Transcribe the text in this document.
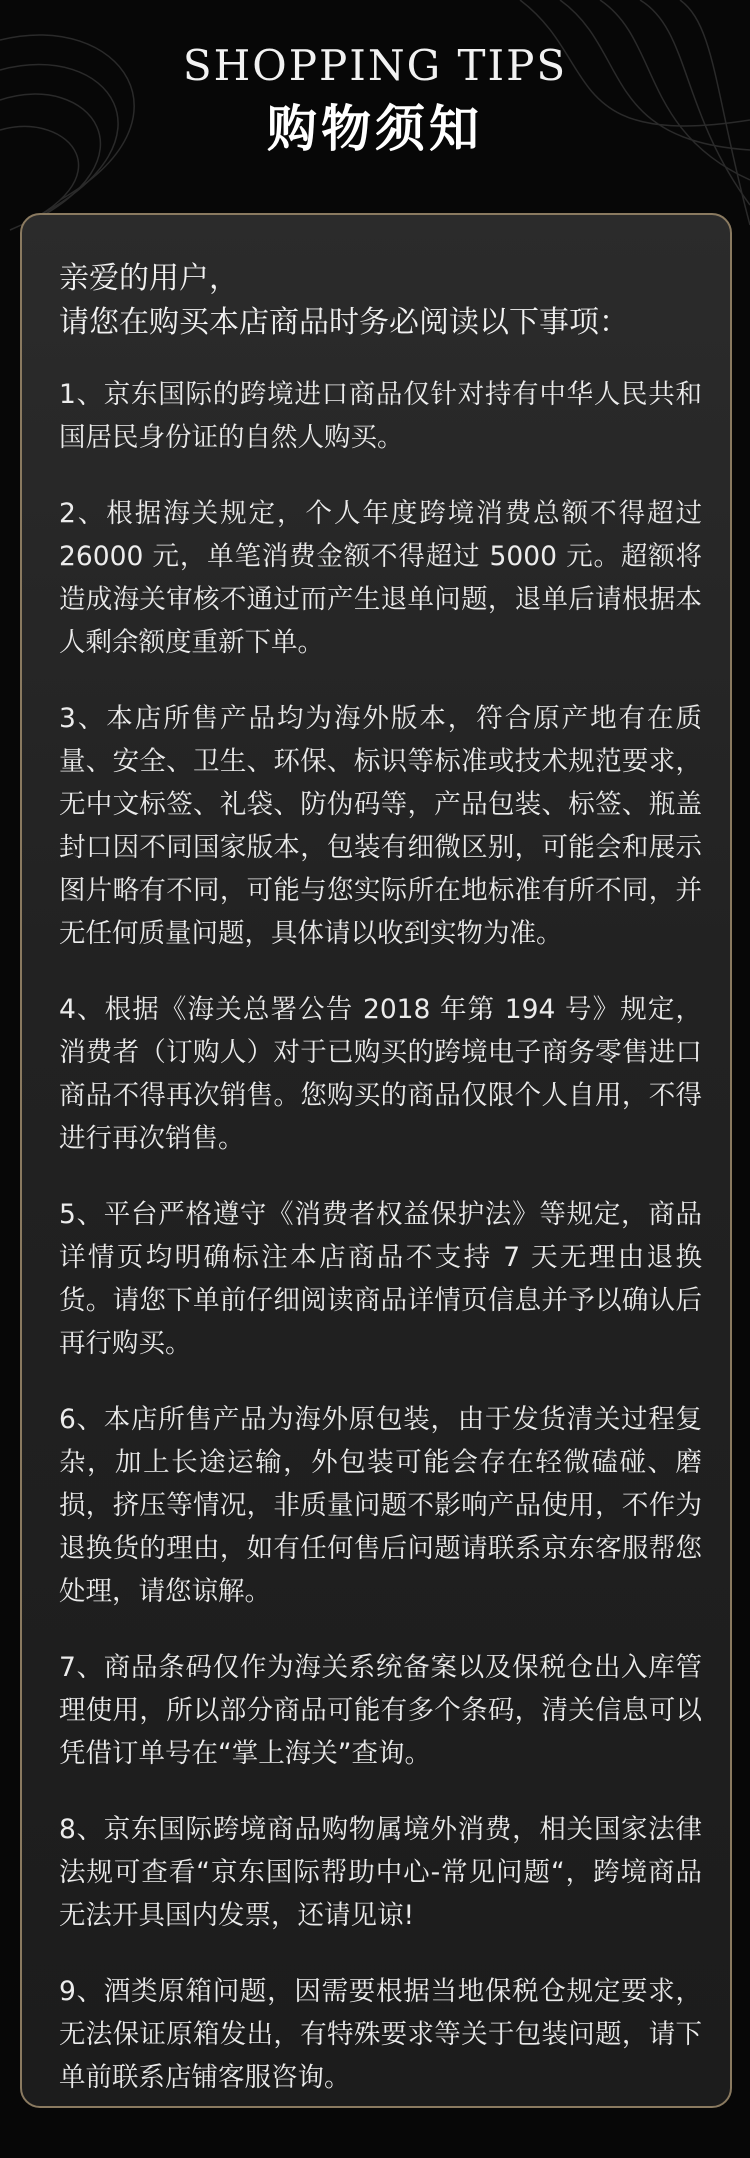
SHOPPING TIPS
购物须知
亲爱的用户，
请您在购买本店商品时务必阅读以下事项：

1、京东国际的跨境进口商品仅针对持有中华人民共和国居民身份证的自然人购买。

2、根据海关规定，个人年度跨境消费总额不得超过 26000 元，单笔消费金额不得超过 5000 元。超额将造成海关审核不通过而产生退单问题，退单后请根据本人剩余额度重新下单。

3、本店所售产品均为海外版本，符合原产地有在质量、安全、卫生、环保、标识等标准或技术规范要求，无中文标签、礼袋、防伪码等，产品包装、标签、瓶盖封口因不同国家版本，包装有细微区别，可能会和展示图片略有不同，可能与您实际所在地标准有所不同，并无任何质量问题，具体请以收到实物为准。

4、根据《海关总署公告 2018 年第 194 号》规定，消费者（订购人）对于已购买的跨境电子商务零售进口商品不得再次销售。您购买的商品仅限个人自用，不得进行再次销售。

5、平台严格遵守《消费者权益保护法》等规定，商品详情页均明确标注本店商品不支持 7 天无理由退换货。请您下单前仔细阅读商品详情页信息并予以确认后再行购买。

6、本店所售产品为海外原包装，由于发货清关过程复杂，加上长途运输，外包装可能会存在轻微磕碰、磨损，挤压等情况，非质量问题不影响产品使用，不作为退换货的理由，如有任何售后问题请联系京东客服帮您处理，请您谅解。

7、商品条码仅作为海关系统备案以及保税仓出入库管理使用，所以部分商品可能有多个条码，清关信息可以凭借订单号在“掌上海关”查询。

8、京东国际跨境商品购物属境外消费，相关国家法律法规可查看“京东国际帮助中心-常见问题“，跨境商品无法开具国内发票，还请见谅!

9、酒类原箱问题，因需要根据当地保税仓规定要求，无法保证原箱发出，有特殊要求等关于包装问题，请下单前联系店铺客服咨询。
